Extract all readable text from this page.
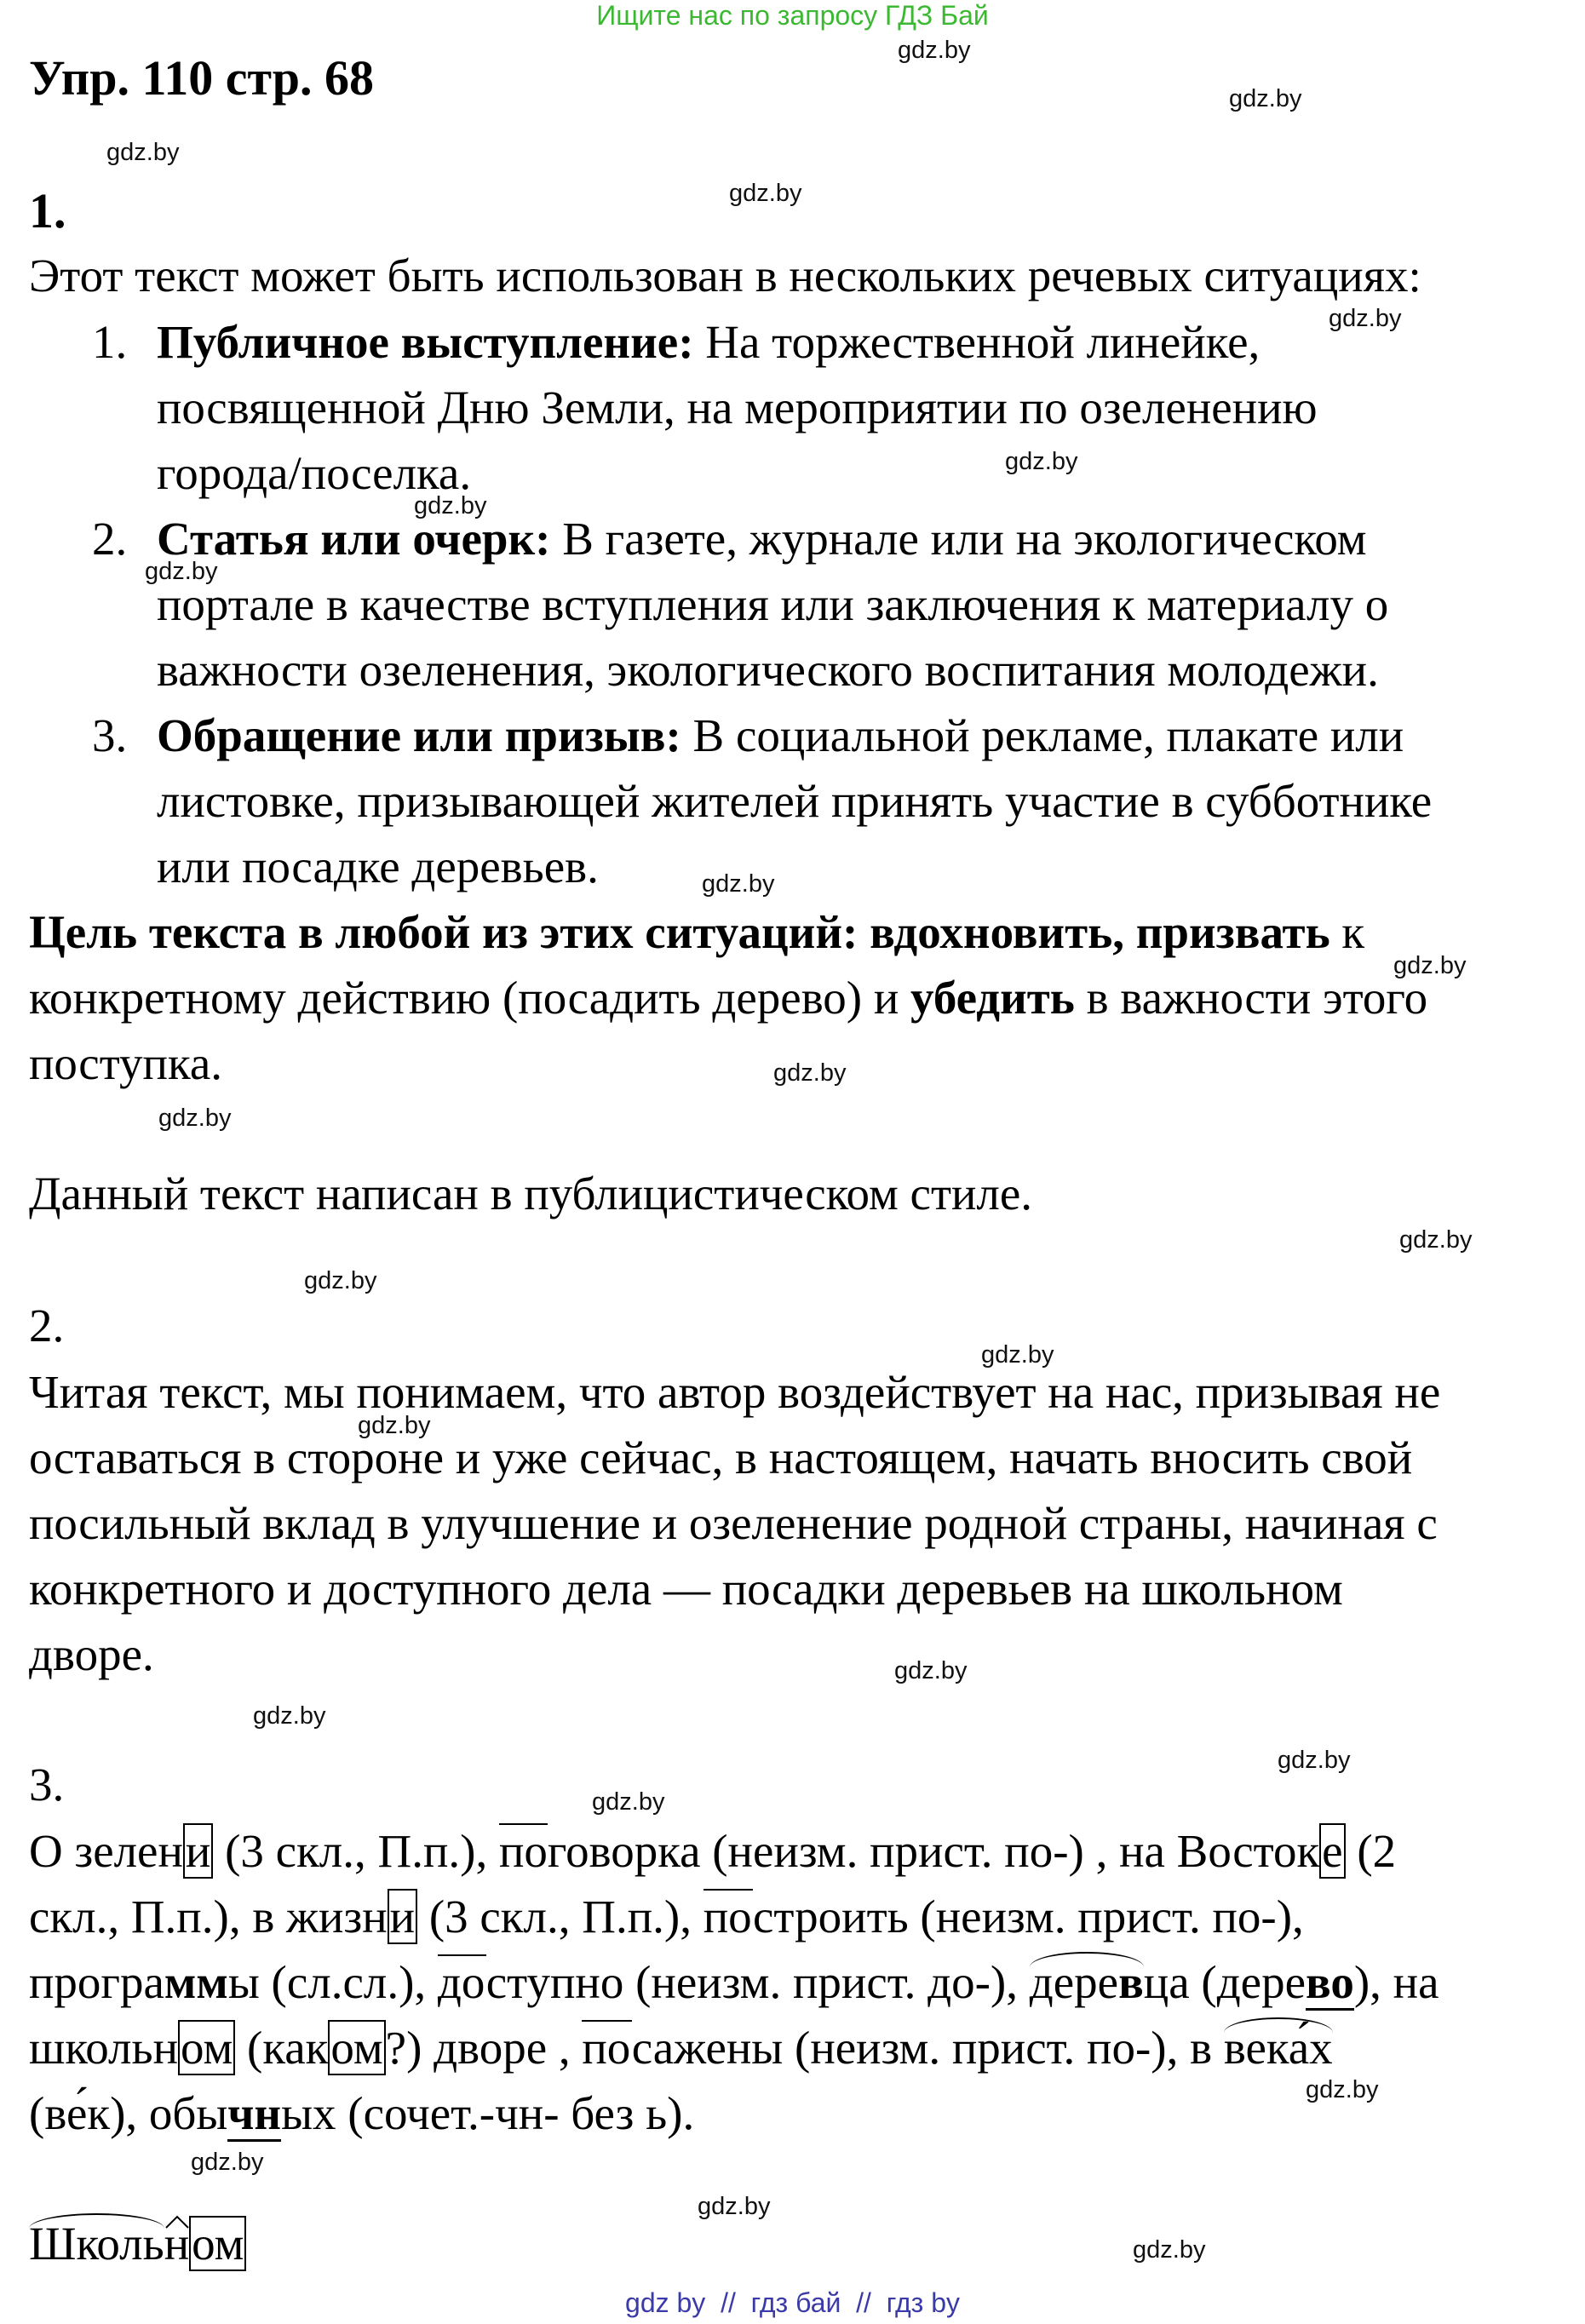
Ищите нас по запросу ГДЗ Бай
gdz.by
gdz.by
gdz.by
gdz.by
gdz.by
gdz.by
gdz.by
gdz.by
gdz.by
gdz.by
gdz.by
gdz.by
gdz.by
gdz.by
gdz.by
gdz.by
gdz.by
gdz.by
gdz.by
gdz.by
gdz.by
gdz.by
gdz.by
gdz.by
Упр. 110 стр. 68
1.
Этот текст может быть использован в нескольких речевых ситуациях:
1. Публичное выступление: На торжественной линейке,
посвященной Дню Земли, на мероприятии по озеленению
города/поселка.
2. Статья или очерк: В газете, журнале или на экологическом
портале в качестве вступления или заключения к материалу о
важности озеленения, экологического воспитания молодежи.
3. Обращение или призыв: В социальной рекламе, плакате или
листовке, призывающей жителей принять участие в субботнике
или посадке деревьев.
Цель текста в любой из этих ситуаций: вдохновить, призвать к
конкретному действию (посадить дерево) и убедить в важности этого
поступка.
Данный текст написан в публицистическом стиле.
2.
Читая текст, мы понимаем, что автор воздействует на нас, призывая не
оставаться в стороне и уже сейчас, в настоящем, начать вносить свой
посильный вклад в улучшение и озеленение родной страны, начиная с
конкретного и доступного дела — посадки деревьев на школьном
дворе.
3.
О зелени (3 скл., П.п.), поговорка (неизм. прист. по-) , на Востоке (2
скл., П.п.), в жизни (3 скл., П.п.), построить (неизм. прист. по-),
программы (сл.сл.), доступно (неизм. прист. до-), деревца (дерево), на
школьном (каком?) дворе , посажены (неизм. прист. по-), в века́х
(ве́к), обычных (сочет.-чн- без ь).
Школь
ном
gdz by  //  гдз бай  //  гдз by
